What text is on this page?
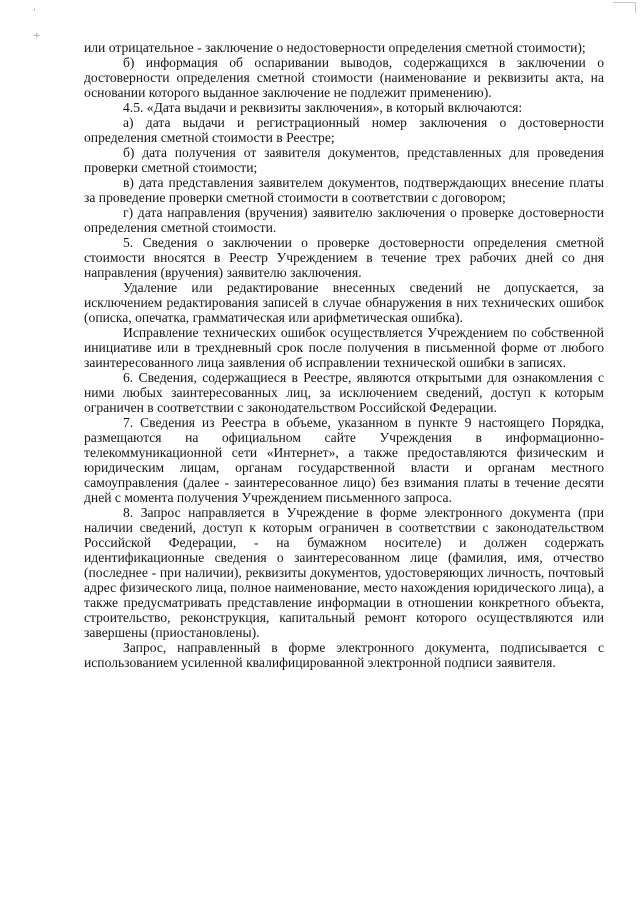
‘
÷

или отрицательное - заключение о недостоверности определения сметной стоимости);

б) информация об оспаривании выводов, содержащихся в заключении о достоверности определения сметной стоимости (наименование и реквизиты акта, на основании которого выданное заключение не подлежит применению).

4.5. «Дата выдачи и реквизиты заключения», в который включаются:

а) дата выдачи и регистрационный номер заключения о достоверности определения сметной стоимости в Реестре;

б) дата получения от заявителя документов, представленных для проведения проверки сметной стоимости;

в) дата представления заявителем документов, подтверждающих внесение платы за проведение проверки сметной стоимости в соответствии с договором;

г) дата направления (вручения) заявителю заключения о проверке достоверности определения сметной стоимости.

5. Сведения о заключении о проверке достоверности определения сметной стоимости вносятся в Реестр Учреждением в течение трех рабочих дней со дня направления (вручения) заявителю заключения.

Удаление или редактирование внесенных сведений не допускается, за исключением редактирования записей в случае обнаружения в них технических ошибок (описка, опечатка, грамматическая или арифметическая ошибка).

Исправление технических ошибок осуществляется Учреждением по собственной инициативе или в трехдневный срок после получения в письменной форме от любого заинтересованного лица заявления об исправлении технической ошибки в записях.

6. Сведения, содержащиеся в Реестре, являются открытыми для ознакомления с ними любых заинтересованных лиц, за исключением сведений, доступ к которым ограничен в соответствии с законодательством Российской Федерации.

7. Сведения из Реестра в объеме, указанном в пункте 9 настоящего Порядка, размещаются на официальном сайте Учреждения в информационно-телекоммуникационной сети «Интернет», а также предоставляются физическим и юридическим лицам, органам государственной власти и органам местного самоуправления (далее - заинтересованное лицо) без взимания платы в течение десяти дней с момента получения Учреждением письменного запроса.

8. Запрос направляется в Учреждение в форме электронного документа (при наличии сведений, доступ к которым ограничен в соответствии с законодательством Российской Федерации, - на бумажном носителе) и должен содержать идентификационные сведения о заинтересованном лице (фамилия, имя, отчество (последнее - при наличии), реквизиты документов, удостоверяющих личность, почтовый адрес физического лица, полное наименование, место нахождения юридического лица), а также предусматривать представление информации в отношении конкретного объекта, строительство, реконструкция, капитальный ремонт которого осуществляются или завершены (приостановлены).

Запрос, направленный в форме электронного документа, подписывается с использованием усиленной квалифицированной электронной подписи заявителя.
